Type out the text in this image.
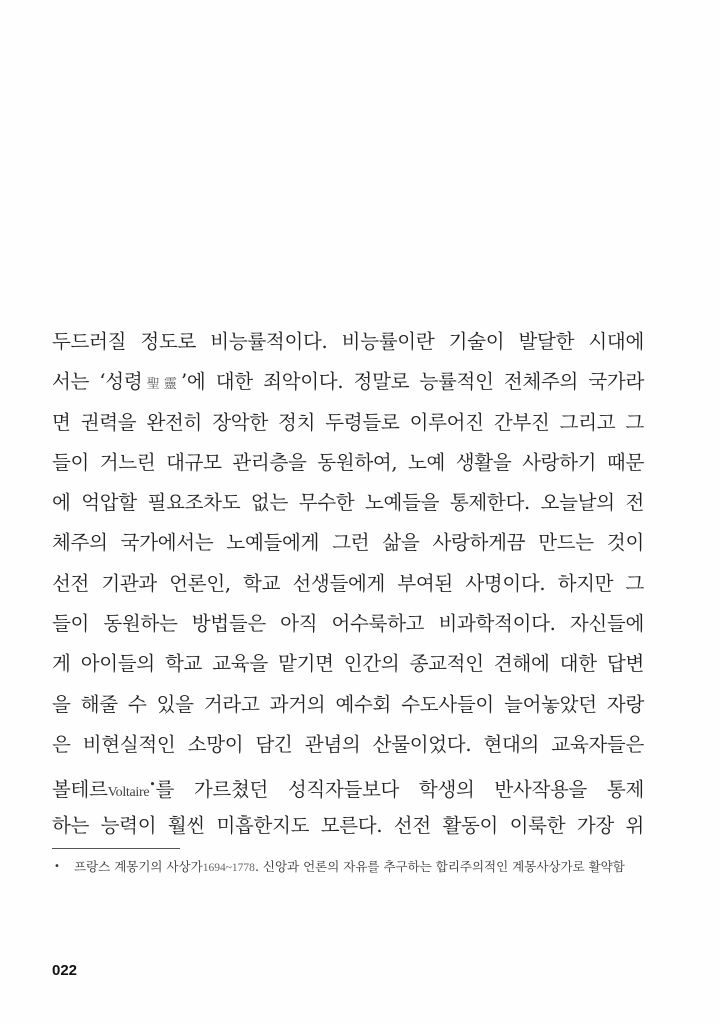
두드러질 정도로 비능률적이다. 비능률이란 기술이 발달한 시대에
서는 ‘성령聖靈’에 대한 죄악이다. 정말로 능률적인 전체주의 국가라
면 권력을 완전히 장악한 정치 두령들로 이루어진 간부진 그리고 그
들이 거느린 대규모 관리층을 동원하여, 노예 생활을 사랑하기 때문
에 억압할 필요조차도 없는 무수한 노예들을 통제한다. 오늘날의 전
체주의 국가에서는 노예들에게 그런 삶을 사랑하게끔 만드는 것이
선전 기관과 언론인, 학교 선생들에게 부여된 사명이다. 하지만 그
들이 동원하는 방법들은 아직 어수룩하고 비과학적이다. 자신들에
게 아이들의 학교 교육을 맡기면 인간의 종교적인 견해에 대한 답변
을 해줄 수 있을 거라고 과거의 예수회 수도사들이 늘어놓았던 자랑
은 비현실적인 소망이 담긴 관념의 산물이었다. 현대의 교육자들은
볼테르Voltaire•를 가르쳤던 성직자들보다 학생의 반사작용을 통제
하는 능력이 훨씬 미흡한지도 모른다. 선전 활동이 이룩한 가장 위
•	프랑스 계몽기의 사상가1694~1778. 신앙과 언론의 자유를 추구하는 합리주의적인 계몽사상가로 활약함
022
